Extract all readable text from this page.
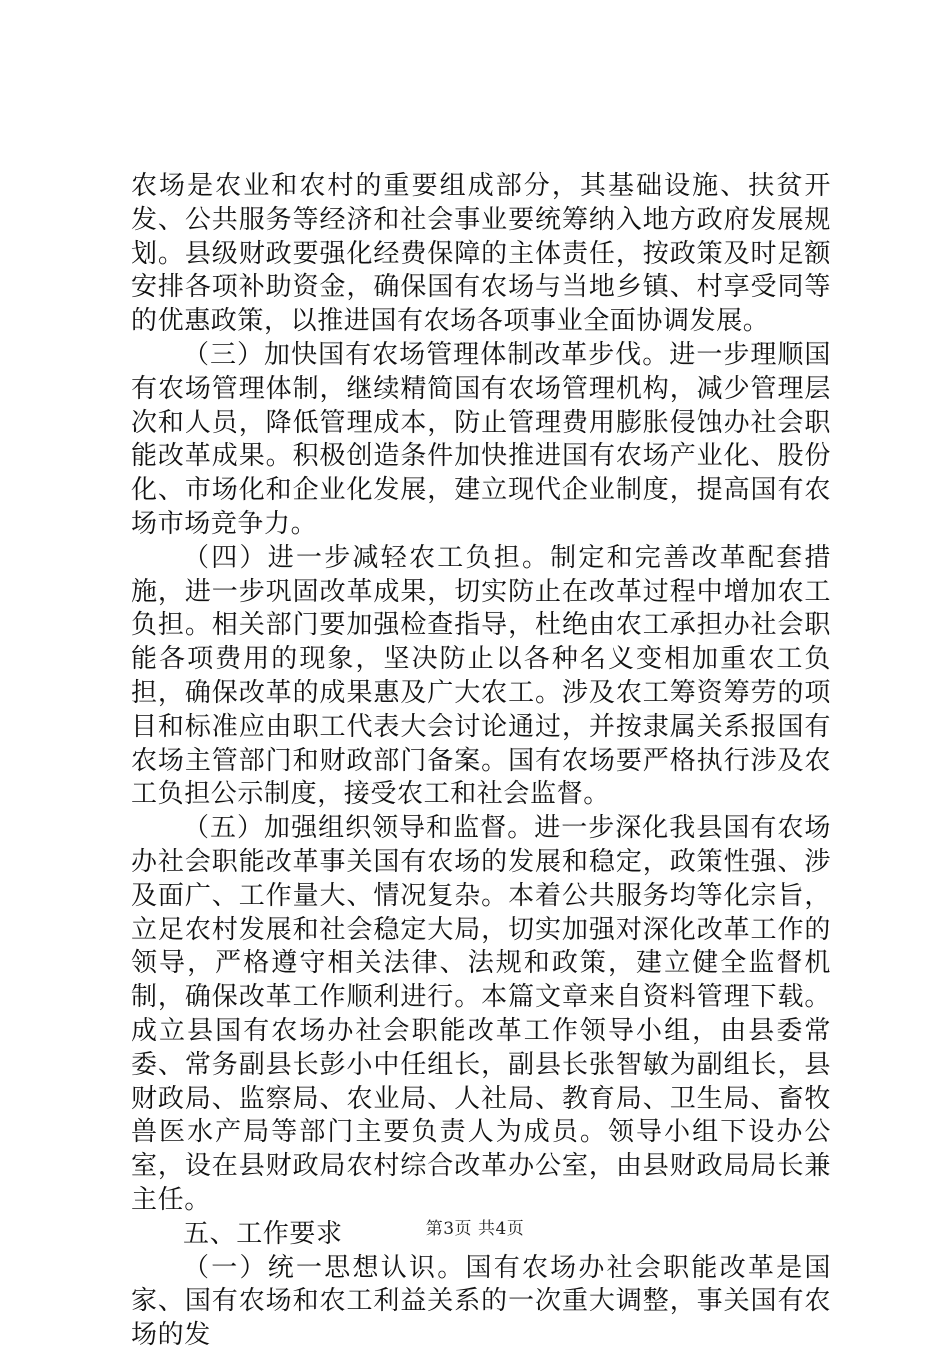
农场是农业和农村的重要组成部分，其基础设施、扶贫开发、公共服务等经济和社会事业要统筹纳入地方政府发展规划。县级财政要强化经费保障的主体责任，按政策及时足额安排各项补助资金，确保国有农场与当地乡镇、村享受同等的优惠政策，以推进国有农场各项事业全面协调发展。

（三）加快国有农场管理体制改革步伐。进一步理顺国有农场管理体制，继续精简国有农场管理机构，减少管理层次和人员，降低管理成本，防止管理费用膨胀侵蚀办社会职能改革成果。积极创造条件加快推进国有农场产业化、股份化、市场化和企业化发展，建立现代企业制度，提高国有农场市场竞争力。

（四）进一步减轻农工负担。制定和完善改革配套措施，进一步巩固改革成果，切实防止在改革过程中增加农工负担。相关部门要加强检查指导，杜绝由农工承担办社会职能各项费用的现象，坚决防止以各种名义变相加重农工负担，确保改革的成果惠及广大农工。涉及农工筹资筹劳的项目和标准应由职工代表大会讨论通过，并按隶属关系报国有农场主管部门和财政部门备案。国有农场要严格执行涉及农工负担公示制度，接受农工和社会监督。

（五）加强组织领导和监督。进一步深化我县国有农场办社会职能改革事关国有农场的发展和稳定，政策性强、涉及面广、工作量大、情况复杂。本着公共服务均等化宗旨，立足农村发展和社会稳定大局，切实加强对深化改革工作的领导，严格遵守相关法律、法规和政策，建立健全监督机制，确保改革工作顺利进行。本篇文章来自资料管理下载。成立县国有农场办社会职能改革工作领导小组，由县委常委、常务副县长彭小中任组长，副县长张智敏为副组长，县财政局、监察局、农业局、人社局、教育局、卫生局、畜牧兽医水产局等部门主要负责人为成员。领导小组下设办公室，设在县财政局农村综合改革办公室，由县财政局局长兼主任。

五、工作要求

（一）统一思想认识。国有农场办社会职能改革是国家、国有农场和农工利益关系的一次重大调整，事关国有农场的发

第3页 共4页
